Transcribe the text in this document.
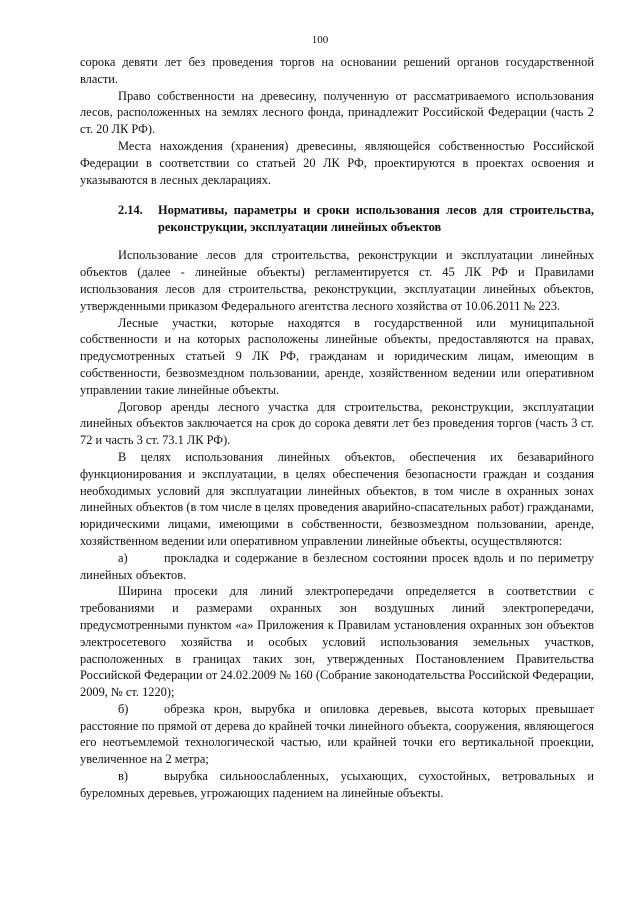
100

сорока девяти лет без проведения торгов на основании решений органов государственной власти.

Право собственности на древесину, полученную от рассматриваемого использования лесов, расположенных на землях лесного фонда, принадлежит Российской Федерации (часть 2 ст. 20 ЛК РФ).

Места нахождения (хранения) древесины, являющейся собственностью Российской Федерации в соответствии со статьей 20 ЛК РФ, проектируются в проектах освоения и указываются в лесных декларациях.

2.14.	Нормативы, параметры и сроки использования лесов для строительства, реконструкции, эксплуатации линейных объектов

Использование лесов для строительства, реконструкции и эксплуатации линейных объектов (далее - линейные объекты) регламентируется ст. 45 ЛК РФ и Правилами использования лесов для строительства, реконструкции, эксплуатации линейных объектов, утвержденными приказом Федерального агентства лесного хозяйства от 10.06.2011 № 223.

Лесные участки, которые находятся в государственной или муниципальной собственности и на которых расположены линейные объекты, предоставляются на правах, предусмотренных статьей 9 ЛК РФ, гражданам и юридическим лицам, имеющим в собственности, безвозмездном пользовании, аренде, хозяйственном ведении или оперативном управлении такие линейные объекты.

Договор аренды лесного участка для строительства, реконструкции, эксплуатации линейных объектов заключается на срок до сорока девяти лет без проведения торгов (часть 3 ст. 72 и часть 3 ст. 73.1 ЛК РФ).

В целях использования линейных объектов, обеспечения их безаварийного функционирования и эксплуатации, в целях обеспечения безопасности граждан и создания необходимых условий для эксплуатации линейных объектов, в том числе в охранных зонах линейных объектов (в том числе в целях проведения аварийно-спасательных работ) гражданами, юридическими лицами, имеющими в собственности, безвозмездном пользовании, аренде, хозяйственном ведении или оперативном управлении линейные объекты, осуществляются:

а)	прокладка и содержание в безлесном состоянии просек вдоль и по периметру линейных объектов.

Ширина просеки для линий электропередачи определяется в соответствии с требованиями и размерами охранных зон воздушных линий электропередачи, предусмотренными пунктом «а» Приложения к Правилам установления охранных зон объектов электросетевого хозяйства и особых условий использования земельных участков, расположенных в границах таких зон, утвержденных Постановлением Правительства Российской Федерации от 24.02.2009 № 160 (Собрание законодательства Российской Федерации, 2009, № ст. 1220);

б)	обрезка крон, вырубка и опиловка деревьев, высота которых превышает расстояние по прямой от дерева до крайней точки линейного объекта, сооружения, являющегося его неотъемлемой технологической частью, или крайней точки его вертикальной проекции, увеличенное на 2 метра;

в)	вырубка сильноослабленных, усыхающих, сухостойных, ветровальных и буреломных деревьев, угрожающих падением на линейные объекты.
